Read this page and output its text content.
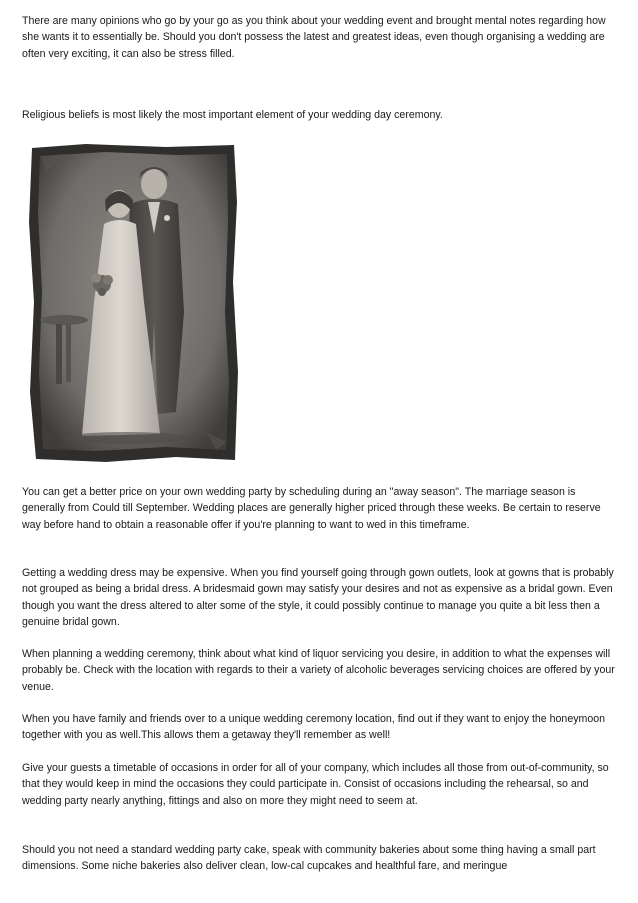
There are many opinions who go by your go as you think about your wedding event and brought mental notes regarding how she wants it to essentially be. Should you don't possess the latest and greatest ideas, even though organising a wedding are often very exciting, it can also be stress filled.

Religious beliefs is most likely the most important element of your wedding day ceremony.

You can get a better price on your own wedding party by scheduling during an "away season". The marriage season is generally from Could till September. Wedding places are generally higher priced through these weeks. Be certain to reserve way before hand to obtain a reasonable offer if you're planning to want to wed in this timeframe.

Getting a wedding dress may be expensive. When you find yourself going through gown outlets, look at gowns that is probably not grouped as being a bridal dress. A bridesmaid gown may satisfy your desires and not as expensive as a bridal gown. Even though you want the dress altered to alter some of the style, it could possibly continue to manage you quite a bit less then a genuine bridal gown.

When planning a wedding ceremony, think about what kind of liquor servicing you desire, in addition to what the expenses will probably be. Check with the location with regards to their a variety of alcoholic beverages servicing choices are offered by your venue.

When you have family and friends over to a unique wedding ceremony location, find out if they want to enjoy the honeymoon together with you as well.This allows them a getaway they'll remember as well!

Give your guests a timetable of occasions in order for all of your company, which includes all those from out-of-community, so that they would keep in mind the occasions they could participate in. Consist of occasions including the rehearsal, so and wedding party nearly anything, fittings and also on more they might need to seem at.

Should you not need a standard wedding party cake, speak with community bakeries about some thing having a small part dimensions. Some niche bakeries also deliver clean, low-cal cupcakes and healthful fare, and meringue
